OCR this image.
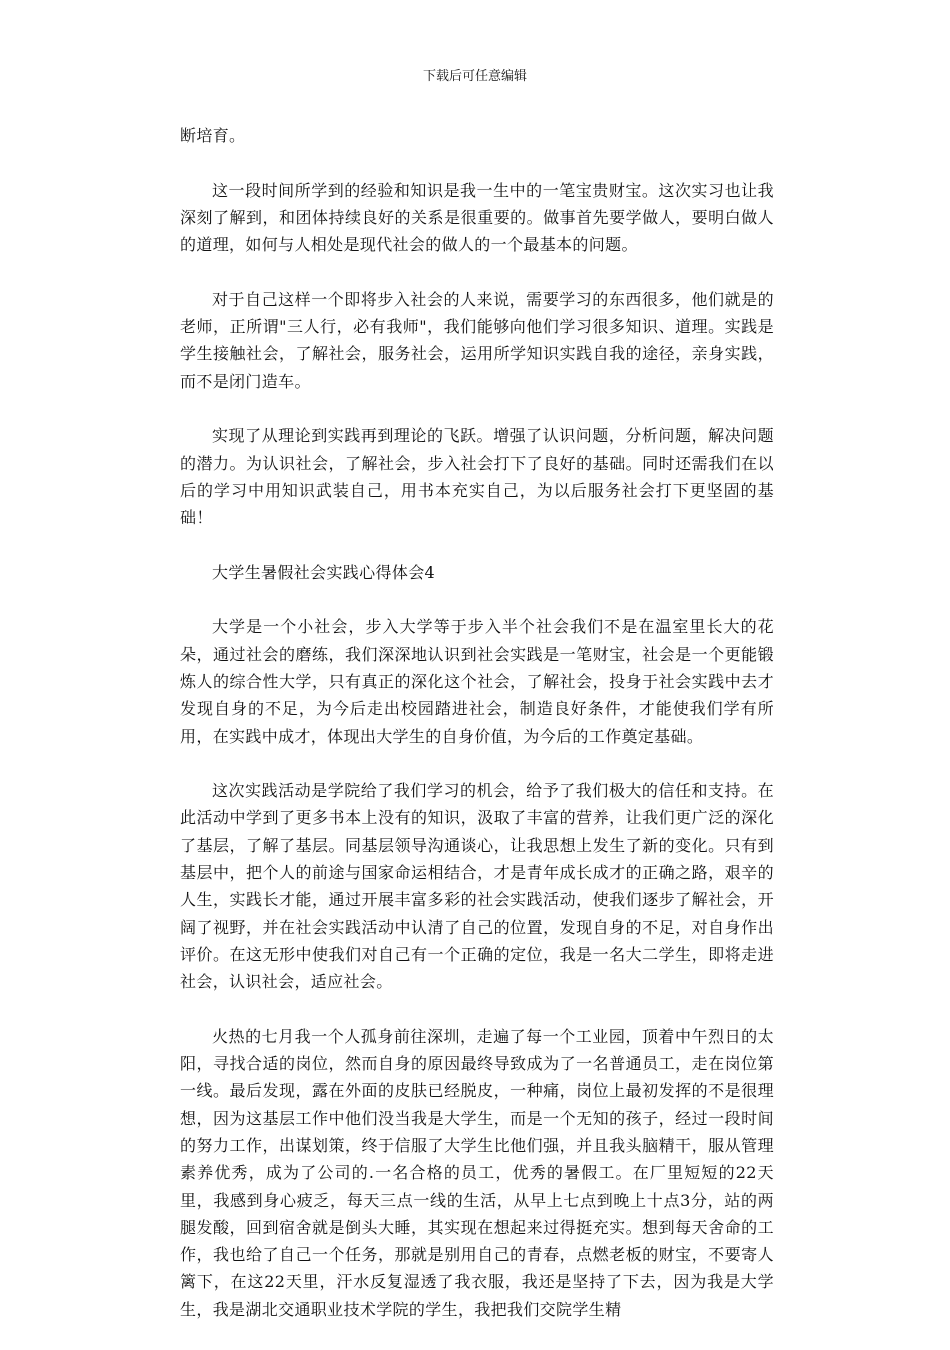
下载后可任意编辑

断培育。

这一段时间所学到的经验和知识是我一生中的一笔宝贵财宝。这次实习也让我深刻了解到，和团体持续良好的关系是很重要的。做事首先要学做人，要明白做人的道理，如何与人相处是现代社会的做人的一个最基本的问题。

对于自己这样一个即将步入社会的人来说，需要学习的东西很多，他们就是的老师，正所谓"三人行，必有我师"，我们能够向他们学习很多知识、道理。实践是学生接触社会，了解社会，服务社会，运用所学知识实践自我的途径，亲身实践，而不是闭门造车。

实现了从理论到实践再到理论的飞跃。增强了认识问题，分析问题，解决问题的潜力。为认识社会，了解社会，步入社会打下了良好的基础。同时还需我们在以后的学习中用知识武装自己，用书本充实自己，为以后服务社会打下更坚固的基础！

大学生暑假社会实践心得体会4

大学是一个小社会，步入大学等于步入半个社会我们不是在温室里长大的花朵，通过社会的磨练，我们深深地认识到社会实践是一笔财宝，社会是一个更能锻炼人的综合性大学，只有真正的深化这个社会，了解社会，投身于社会实践中去才发现自身的不足，为今后走出校园踏进社会，制造良好条件，才能使我们学有所用，在实践中成才，体现出大学生的自身价值，为今后的工作奠定基础。

这次实践活动是学院给了我们学习的机会，给予了我们极大的信任和支持。在此活动中学到了更多书本上没有的知识，汲取了丰富的营养，让我们更广泛的深化了基层，了解了基层。同基层领导沟通谈心，让我思想上发生了新的变化。只有到基层中，把个人的前途与国家命运相结合，才是青年成长成才的正确之路，艰辛的人生，实践长才能，通过开展丰富多彩的社会实践活动，使我们逐步了解社会，开阔了视野，并在社会实践活动中认清了自己的位置，发现自身的不足，对自身作出评价。在这无形中使我们对自己有一个正确的定位，我是一名大二学生，即将走进社会，认识社会，适应社会。

火热的七月我一个人孤身前往深圳，走遍了每一个工业园，顶着中午烈日的太阳，寻找合适的岗位，然而自身的原因最终导致成为了一名普通员工，走在岗位第一线。最后发现，露在外面的皮肤已经脱皮，一种痛，岗位上最初发挥的不是很理想，因为这基层工作中他们没当我是大学生，而是一个无知的孩子，经过一段时间的努力工作，出谋划策，终于信服了大学生比他们强，并且我头脑精干，服从管理素养优秀，成为了公司的.一名合格的员工，优秀的暑假工。在厂里短短的22天里，我感到身心疲乏，每天三点一线的生活，从早上七点到晚上十点3分，站的两腿发酸，回到宿舍就是倒头大睡，其实现在想起来过得挺充实。想到每天舍命的工作，我也给了自己一个任务，那就是别用自己的青春，点燃老板的财宝，不要寄人篱下，在这22天里，汗水反复湿透了我衣服，我还是坚持了下去，因为我是大学生，我是湖北交通职业技术学院的学生，我把我们交院学生精
